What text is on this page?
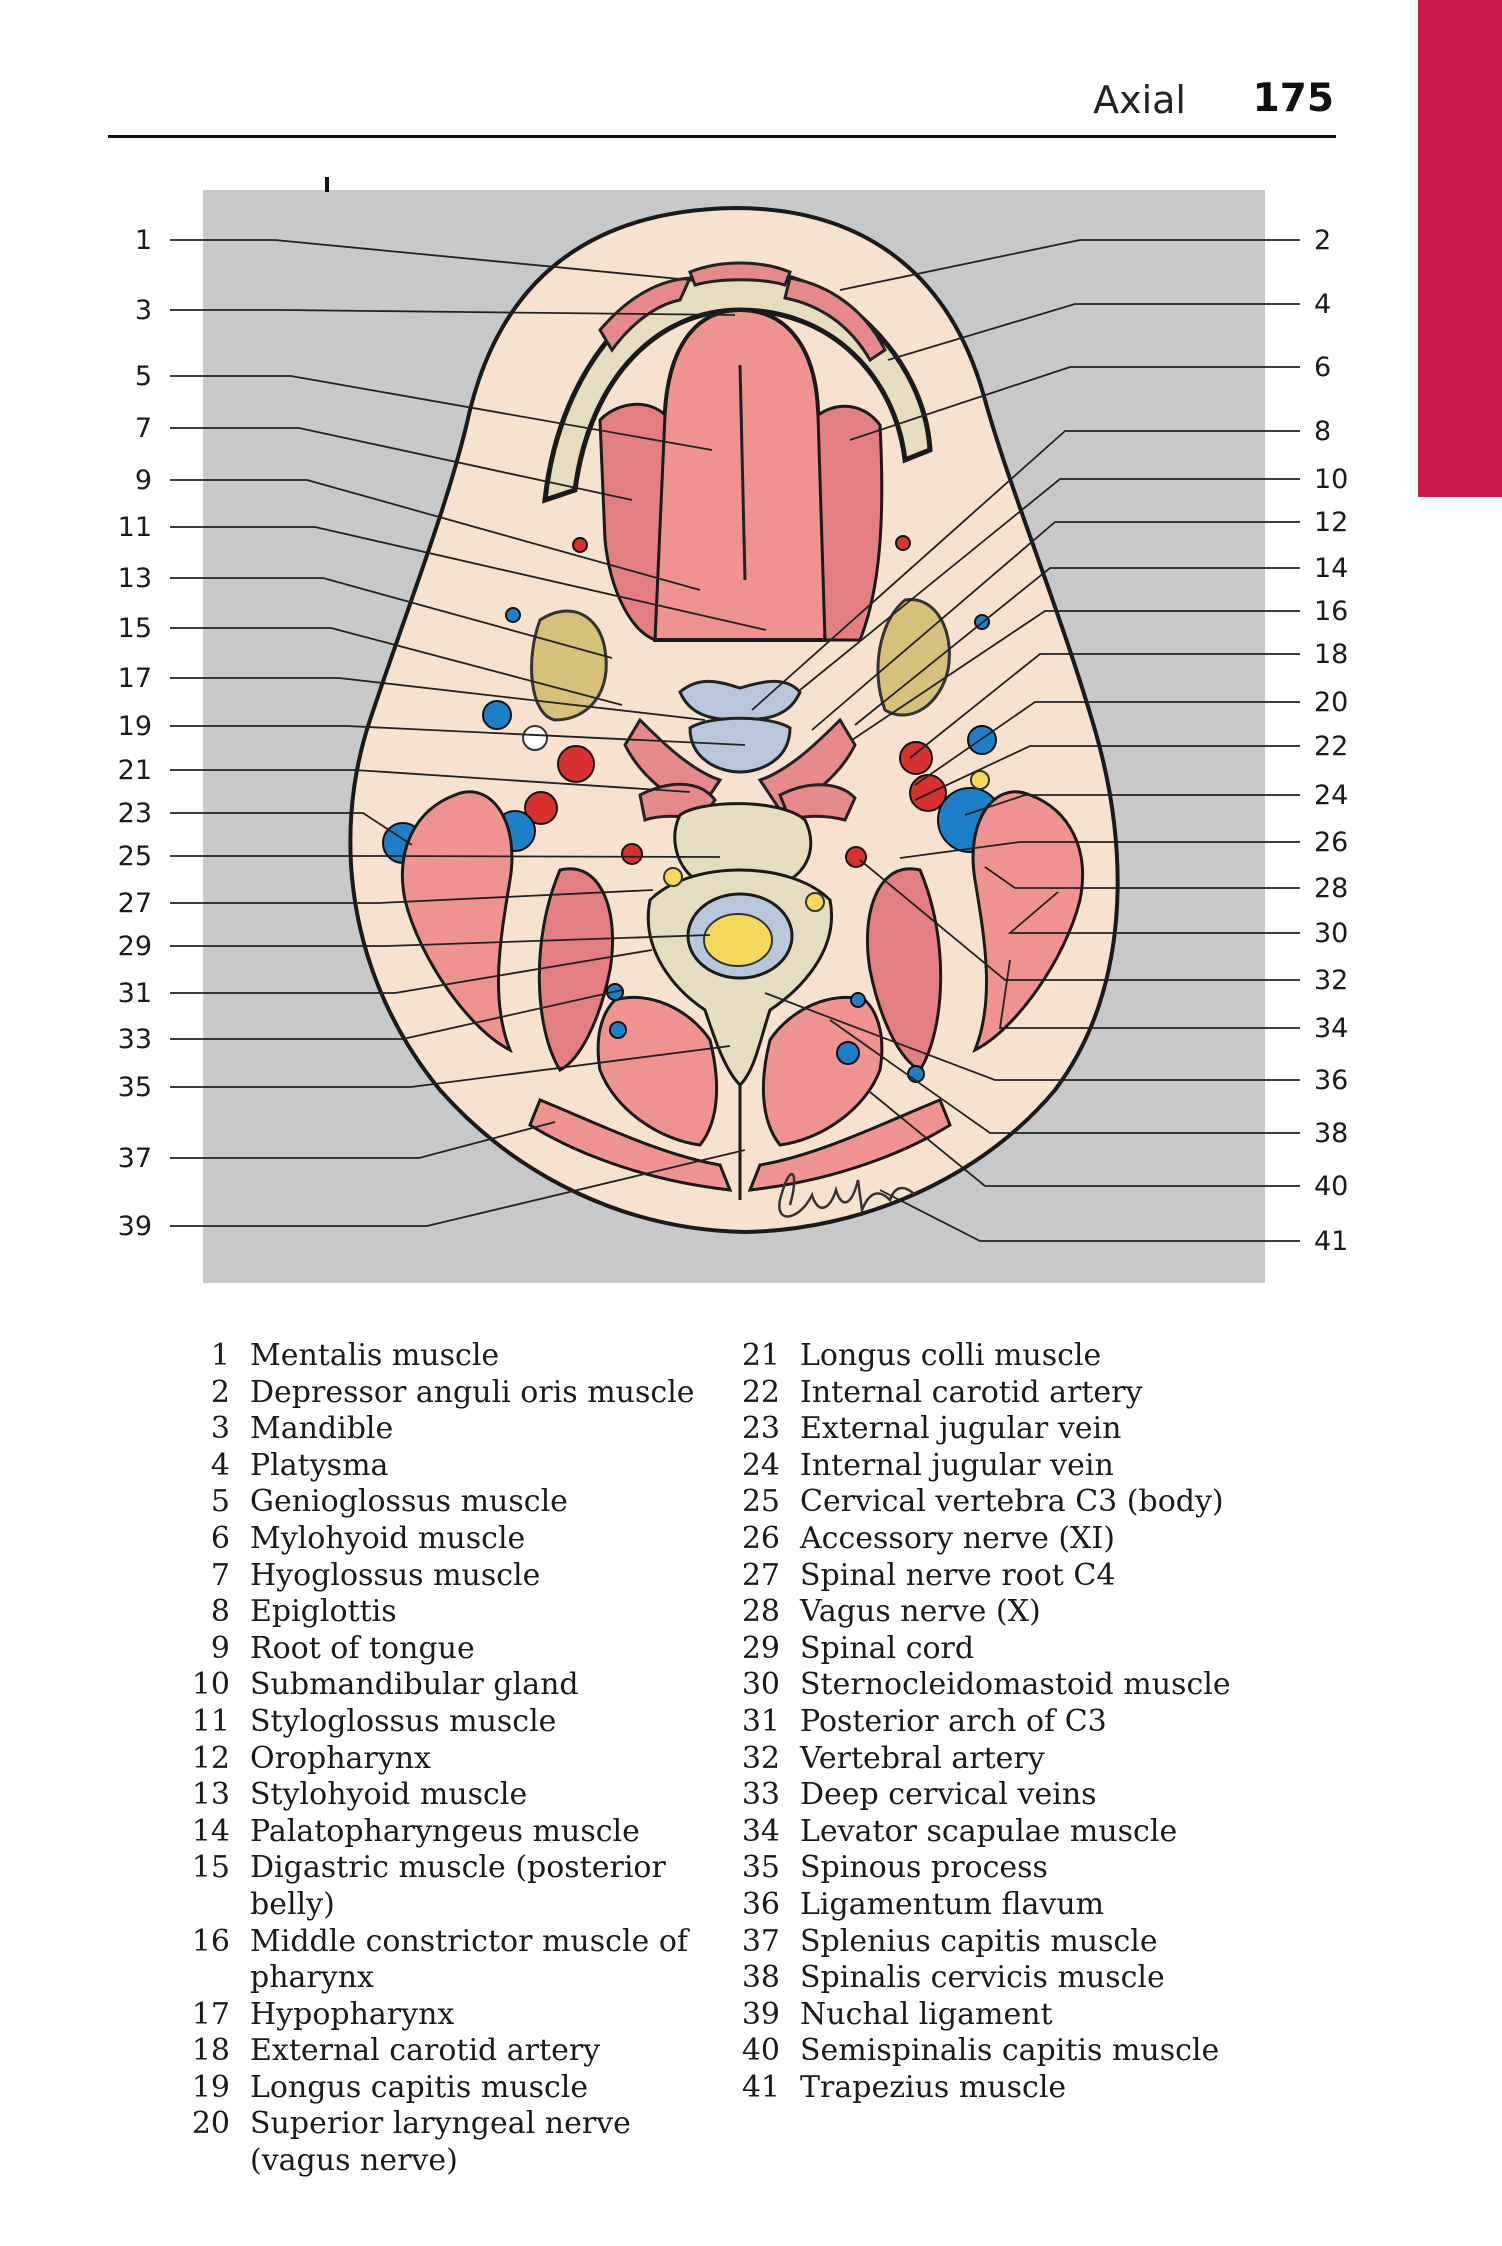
Axial 175
1
3
5
7
9
11
13
15
17
19
21
23
25
27
29
31
33
35
37
39
2
4
6
8
10
12
14
16
18
20
22
24
26
28
30
32
34
36
38
40
41
1 Mentalis muscle
2 Depressor anguli oris muscle
3 Mandible
4 Platysma
5 Genioglossus muscle
6 Mylohyoid muscle
7 Hyoglossus muscle
8 Epiglottis
9 Root of tongue
10 Submandibular gland
11 Styloglossus muscle
12 Oropharynx
13 Stylohyoid muscle
14 Palatopharyngeus muscle
15 Digastric muscle (posterior belly)
16 Middle constrictor muscle of pharynx
17 Hypopharynx
18 External carotid artery
19 Longus capitis muscle
20 Superior laryngeal nerve (vagus nerve)
21 Longus colli muscle
22 Internal carotid artery
23 External jugular vein
24 Internal jugular vein
25 Cervical vertebra C3 (body)
26 Accessory nerve (XI)
27 Spinal nerve root C4
28 Vagus nerve (X)
29 Spinal cord
30 Sternocleidomastoid muscle
31 Posterior arch of C3
32 Vertebral artery
33 Deep cervical veins
34 Levator scapulae muscle
35 Spinous process
36 Ligamentum flavum
37 Splenius capitis muscle
38 Spinalis cervicis muscle
39 Nuchal ligament
40 Semispinalis capitis muscle
41 Trapezius muscle
